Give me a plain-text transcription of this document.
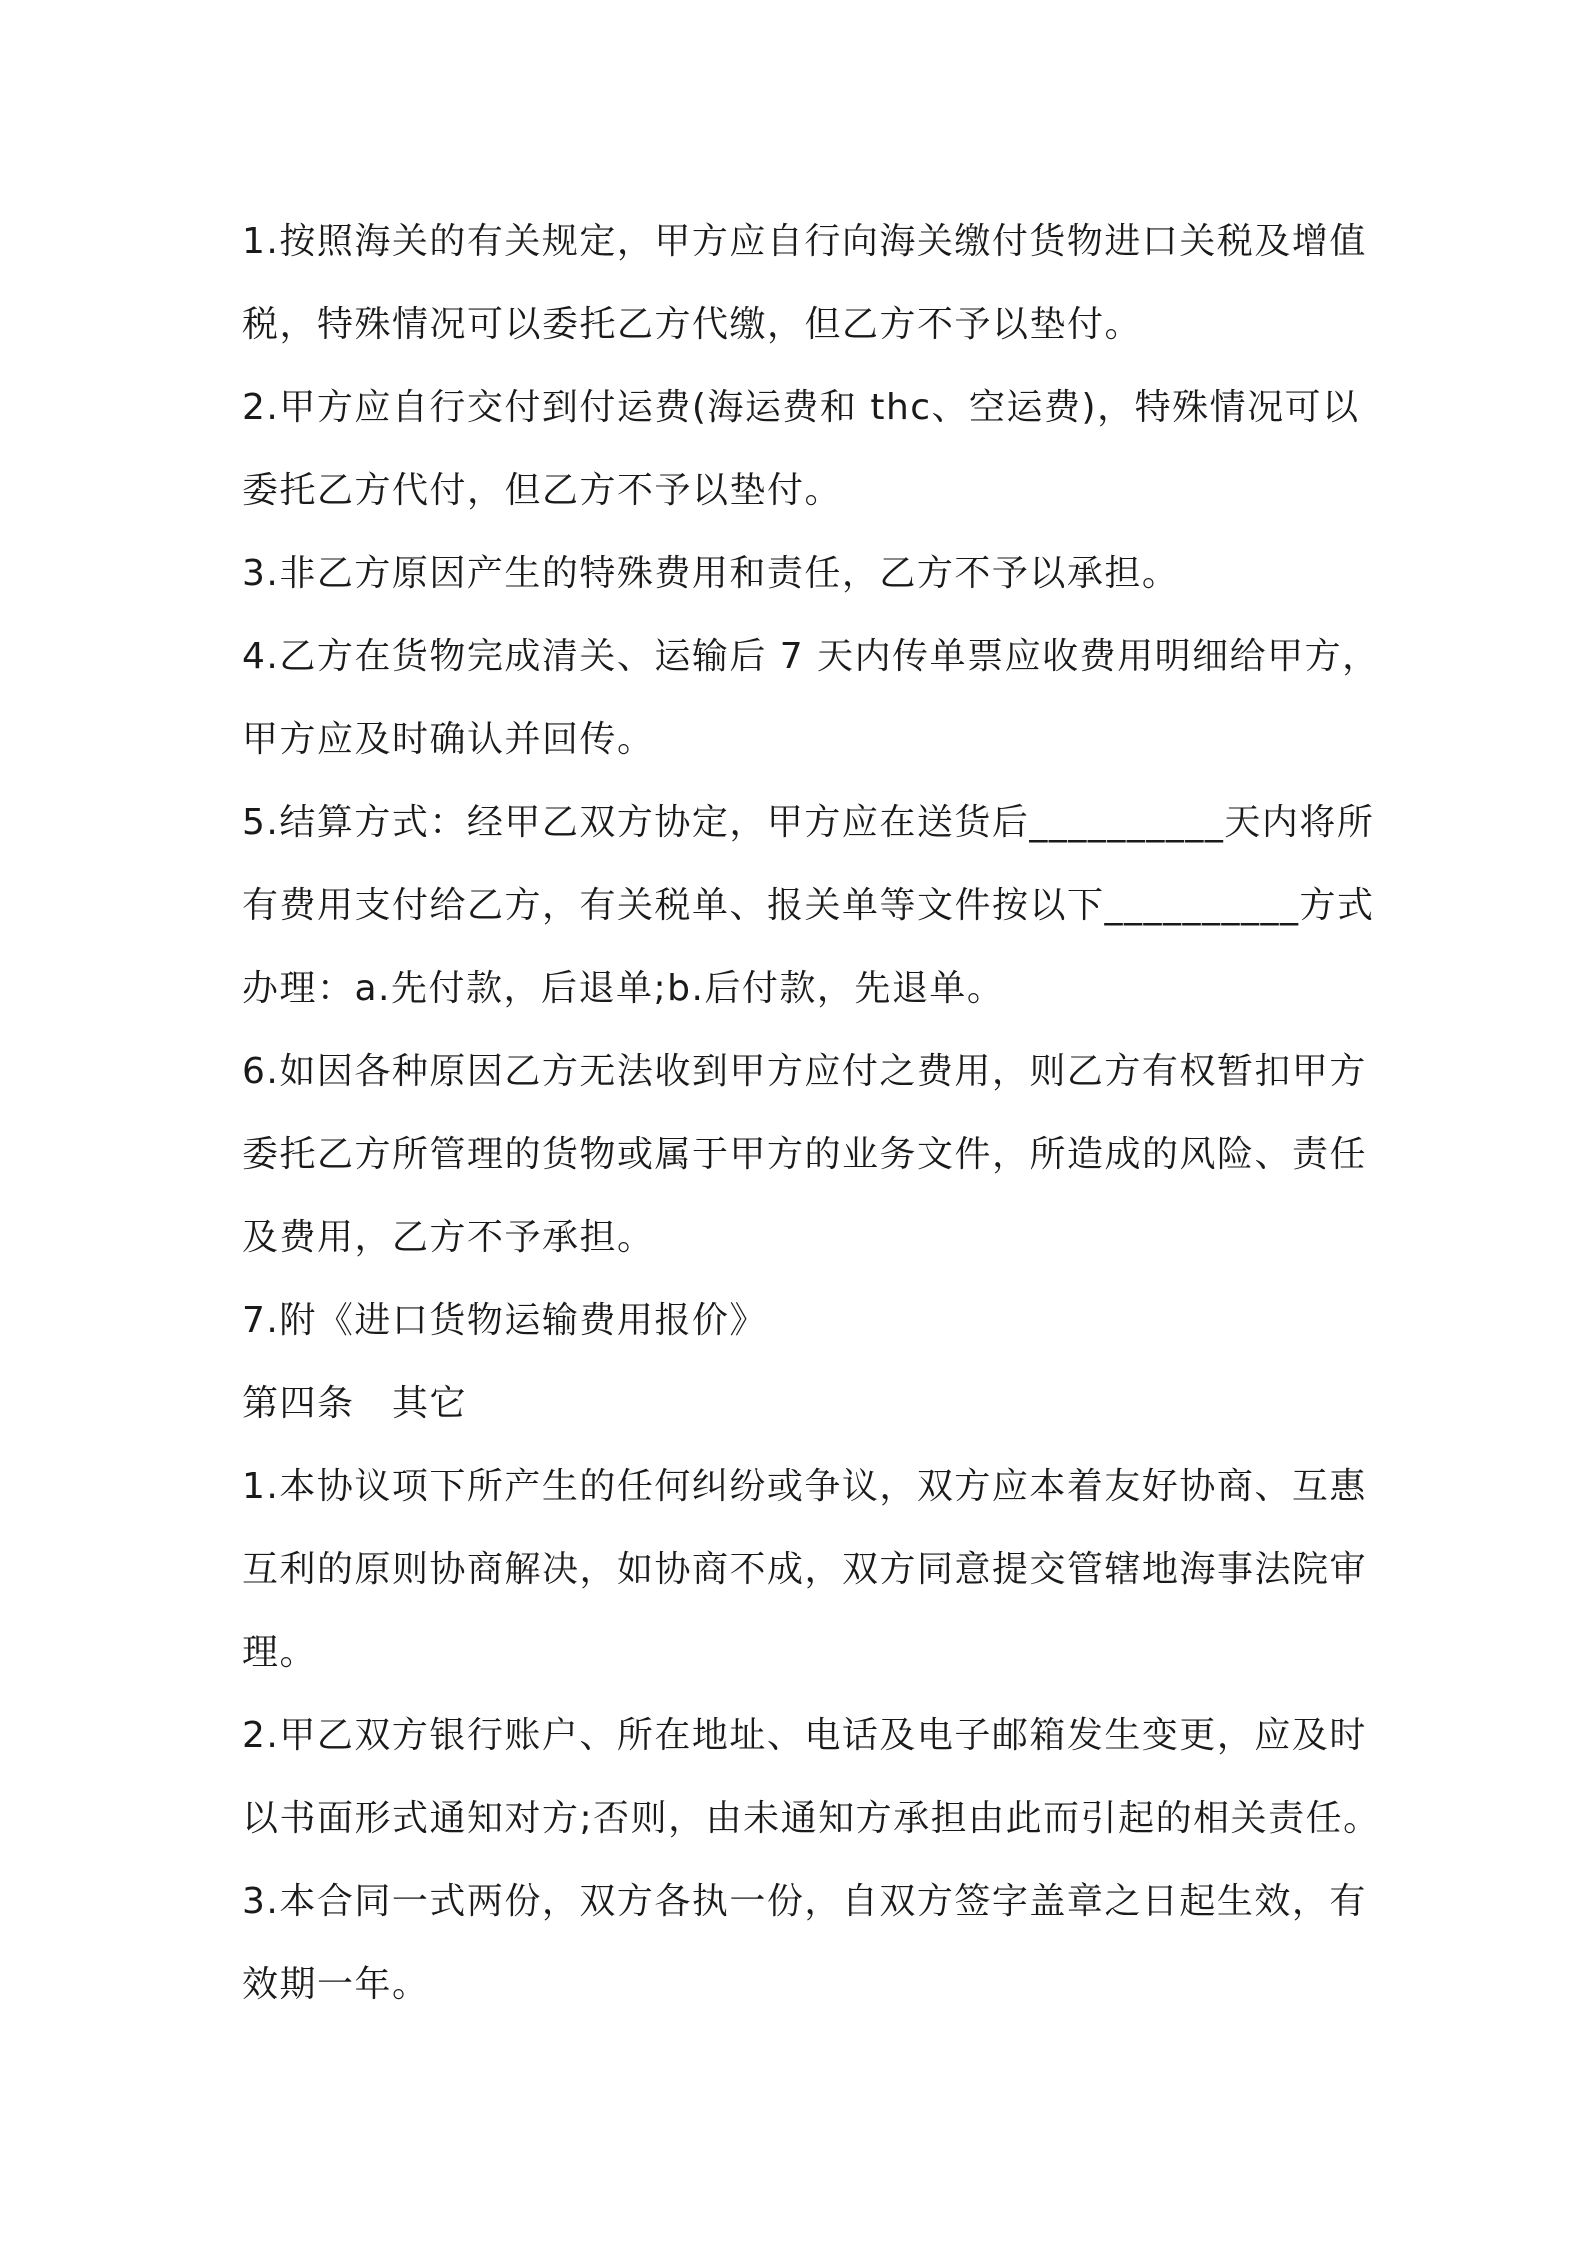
1.按照海关的有关规定，甲方应自行向海关缴付货物进口关税及增值
税，特殊情况可以委托乙方代缴，但乙方不予以垫付。
2.甲方应自行交付到付运费(海运费和 thc、空运费)，特殊情况可以
委托乙方代付，但乙方不予以垫付。
3.非乙方原因产生的特殊费用和责任，乙方不予以承担。
4.乙方在货物完成清关、运输后 7 天内传单票应收费用明细给甲方，
甲方应及时确认并回传。
5.结算方式：经甲乙双方协定，甲方应在送货后__________天内将所
有费用支付给乙方，有关税单、报关单等文件按以下__________方式
办理：a.先付款，后退单;b.后付款，先退单。
6.如因各种原因乙方无法收到甲方应付之费用，则乙方有权暂扣甲方
委托乙方所管理的货物或属于甲方的业务文件，所造成的风险、责任
及费用，乙方不予承担。
7.附《进口货物运输费用报价》
第四条　其它
1.本协议项下所产生的任何纠纷或争议，双方应本着友好协商、互惠
互利的原则协商解决，如协商不成，双方同意提交管辖地海事法院审
理。
2.甲乙双方银行账户、所在地址、电话及电子邮箱发生变更，应及时
以书面形式通知对方;否则，由未通知方承担由此而引起的相关责任。
3.本合同一式两份，双方各执一份，自双方签字盖章之日起生效，有
效期一年。
